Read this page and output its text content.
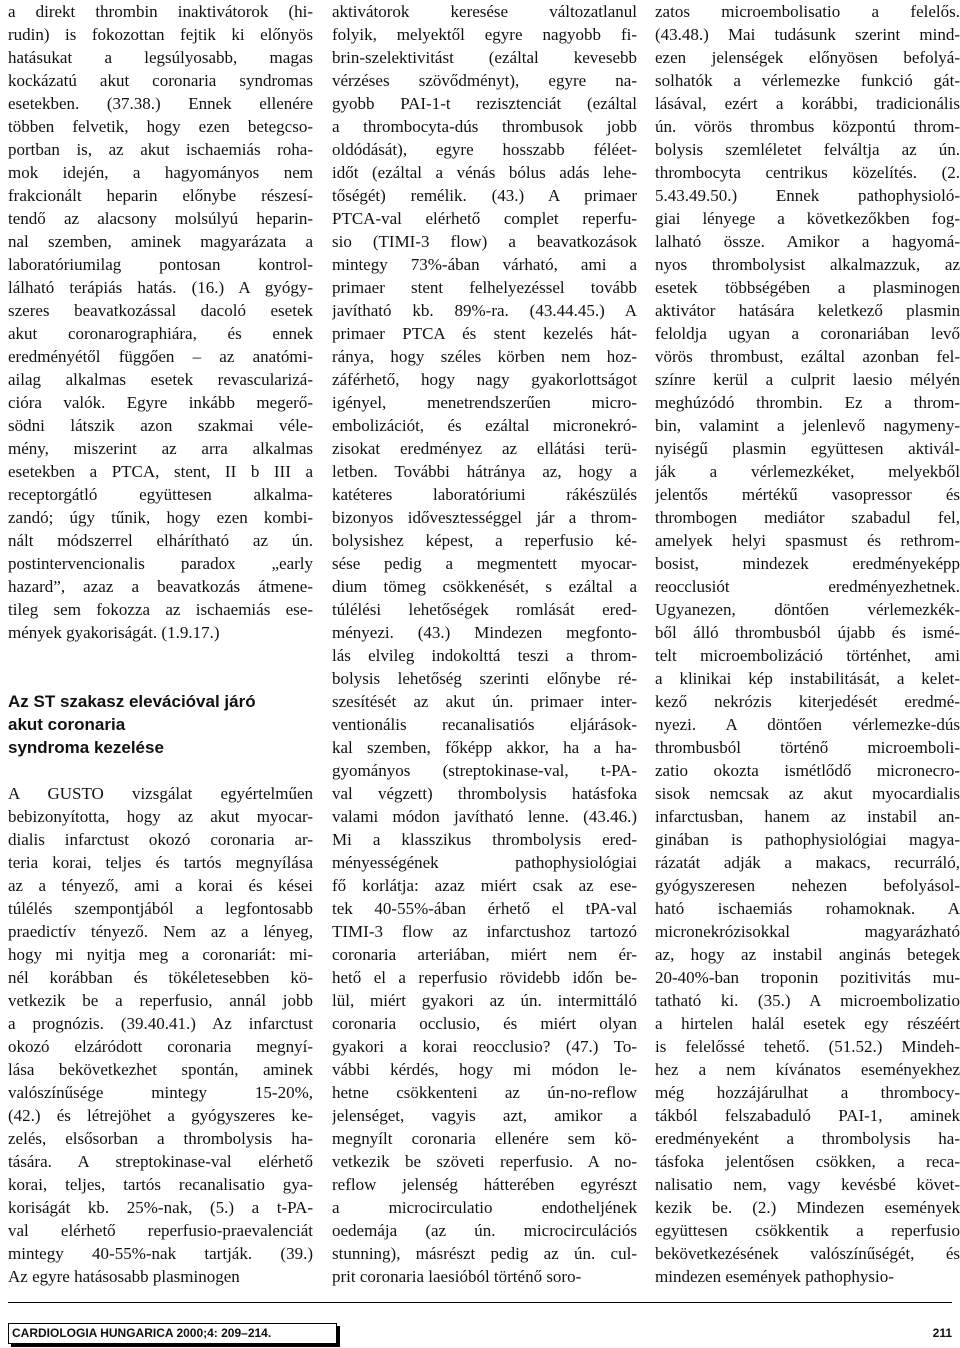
a direkt thrombin inaktivátorok (hi-
rudin) is fokozottan fejtik ki előnyös
hatásukat a legsúlyosabb, magas
kockázatú akut coronaria syndromas
esetekben. (37.38.) Ennek ellenére
többen felvetik, hogy ezen betegcso-
portban is, az akut ischaemiás roha-
mok idején, a hagyományos nem
frakcionált heparin előnybe részesí-
tendő az alacsony molsúlyú heparin-
nal szemben, aminek magyarázata a
laboratóriumilag pontosan kontrol-
lálható terápiás hatás. (16.) A gyógy-
szeres beavatkozással dacoló esetek
akut coronarographiára, és ennek
eredményétől függően – az anatómi-
ailag alkalmas esetek revascularizá-
cióra valók. Egyre inkább megerő-
södni látszik azon szakmai véle-
mény, miszerint az arra alkalmas
esetekben a PTCA, stent, II b III a
receptorgátló együttesen alkalma-
zandó; úgy tűnik, hogy ezen kombi-
nált módszerrel elhárítható az ún.
postintervencionalis paradox „early
hazard”, azaz a beavatkozás átmene-
tileg sem fokozza az ischaemiás ese-
mények gyakoriságát. (1.9.17.)
Az ST szakasz elevációval járó
akut coronaria
syndroma kezelése
A GUSTO vizsgálat egyértelműen
bebizonyította, hogy az akut myocar-
dialis infarctust okozó coronaria ar-
teria korai, teljes és tartós megnyílása
az a tényező, ami a korai és kései
túlélés szempontjából a legfontosabb
praedictív tényező. Nem az a lényeg,
hogy mi nyitja meg a coronariát: mi-
nél korábban és tökéletesebben kö-
vetkezik be a reperfusio, annál jobb
a prognózis. (39.40.41.) Az infarctust
okozó elzáródott coronaria megnyí-
lása bekövetkezhet spontán, aminek
valószínűsége mintegy 15-20%,
(42.) és létrejöhet a gyógyszeres ke-
zelés, elsősorban a thrombolysis ha-
tására. A streptokinase-val elérhető
korai, teljes, tartós recanalisatio gya-
koriságát kb. 25%-nak, (5.) a t-PA-
val elérhető reperfusio-praevalenciát
mintegy 40-55%-nak tartják. (39.)
Az egyre hatásosabb plasminogen
aktivátorok keresése változatlanul
folyik, melyektől egyre nagyobb fi-
brin-szelektivitást (ezáltal kevesebb
vérzéses szövődményt), egyre na-
gyobb PAI-1-t rezisztenciát (ezáltal
a thrombocyta-dús thrombusok jobb
oldódását), egyre hosszabb féléet-
időt (ezáltal a vénás bólus adás lehe-
tőségét) remélik. (43.) A primaer
PTCA-val elérhető complet reperfu-
sio (TIMI-3 flow) a beavatkozások
mintegy 73%-ában várható, ami a
primaer stent felhelyezéssel tovább
javítható kb. 89%-ra. (43.44.45.) A
primaer PTCA és stent kezelés hát-
ránya, hogy széles körben nem hoz-
záférhető, hogy nagy gyakorlottságot
igényel, menetrendszerűen micro-
embolizációt, és ezáltal micronekró-
zisokat eredményez az ellátási terü-
letben. További hátránya az, hogy a
katéteres laboratóriumi rákészülés
bizonyos idővesztességgel jár a throm-
bolysishez képest, a reperfusio ké-
sése pedig a megmentett myocar-
dium tömeg csökkenését, s ezáltal a
túlélési lehetőségek romlását ered-
ményezi. (43.) Mindezen megfonto-
lás elvileg indokolttá teszi a throm-
bolysis lehetőség szerinti előnybe ré-
szesítését az akut ún. primaer inter-
ventionális recanalisatiós eljárások-
kal szemben, főképp akkor, ha a ha-
gyományos (streptokinase-val, t-PA-
val végzett) thrombolysis hatásfoka
valami módon javítható lenne. (43.46.)
Mi a klasszikus thrombolysis ered-
ményességének pathophysiológiai
fő korlátja: azaz miért csak az ese-
tek 40-55%-ában érhető el tPA-val
TIMI-3 flow az infarctushoz tartozó
coronaria arteriában, miért nem ér-
hető el a reperfusio rövidebb időn be-
lül, miért gyakori az ún. intermittáló
coronaria occlusio, és miért olyan
gyakori a korai reocclusio? (47.) To-
vábbi kérdés, hogy mi módon le-
hetne csökkenteni az ún-no-reflow
jelenséget, vagyis azt, amikor a
megnyílt coronaria ellenére sem kö-
vetkezik be szöveti reperfusio. A no-
reflow jelenség hátterében egyrészt
a microcirculatio endotheljének
oedemája (az ún. microcirculációs
stunning), másrészt pedig az ún. cul-
prit coronaria laesióból történő soro-
zatos microembolisatio a felelős.
(43.48.) Mai tudásunk szerint mind-
ezen jelenségek előnyösen befolyá-
solhatók a vérlemezke funkció gát-
lásával, ezért a korábbi, tradicionális
ún. vörös thrombus központú throm-
bolysis szemléletet felváltja az ún.
thrombocyta centrikus közelítés. (2.
5.43.49.50.) Ennek pathophysioló-
giai lényege a következőkben fog-
lalható össze. Amikor a hagyomá-
nyos thrombolysist alkalmazzuk, az
esetek többségében a plasminogen
aktivátor hatására keletkező plasmin
feloldja ugyan a coronariában levő
vörös thrombust, ezáltal azonban fel-
színre kerül a culprit laesio mélyén
meghúzódó thrombin. Ez a throm-
bin, valamint a jelenlevő nagymeny-
nyiségű plasmin együttesen aktivál-
ják a vérlemezkéket, melyekből
jelentős mértékű vasopressor és
thrombogen mediátor szabadul fel,
amelyek helyi spasmust és rethrom-
bosist, mindezek eredményeképp
reocclusiót eredményezhetnek.
Ugyanezen, döntően vérlemezkék-
ből álló thrombusból újabb és ismé-
telt microembolizáció történhet, ami
a klinikai kép instabilitását, a kelet-
kező nekrózis kiterjedését eredmé-
nyezi. A döntően vérlemezke-dús
thrombusból történő microemboli-
zatio okozta ismétlődő micronecro-
sisok nemcsak az akut myocardialis
infarctusban, hanem az instabil an-
ginában is pathophysiológiai magya-
rázatát adják a makacs, recurráló,
gyógyszeresen nehezen befolyásol-
ható ischaemiás rohamoknak. A
micronekrózisokkal magyarázható
az, hogy az instabil anginás betegek
20-40%-ban troponin pozitivitás mu-
tatható ki. (35.) A microembolizatio
a hirtelen halál esetek egy részéért
is felelőssé tehető. (51.52.) Mindeh-
hez a nem kívánatos eseményekhez
még hozzájárulhat a thrombocy-
tákból felszabaduló PAI-1, aminek
eredményeként a thrombolysis ha-
tásfoka jelentősen csökken, a reca-
nalisatio nem, vagy kevésbé követ-
kezik be. (2.) Mindezen események
együttesen csökkentik a reperfusio
bekövetkezésének valószínűségét, és
mindezen események pathophysio-
CARDIOLOGIA HUNGARICA 2000;4: 209–214.	211
